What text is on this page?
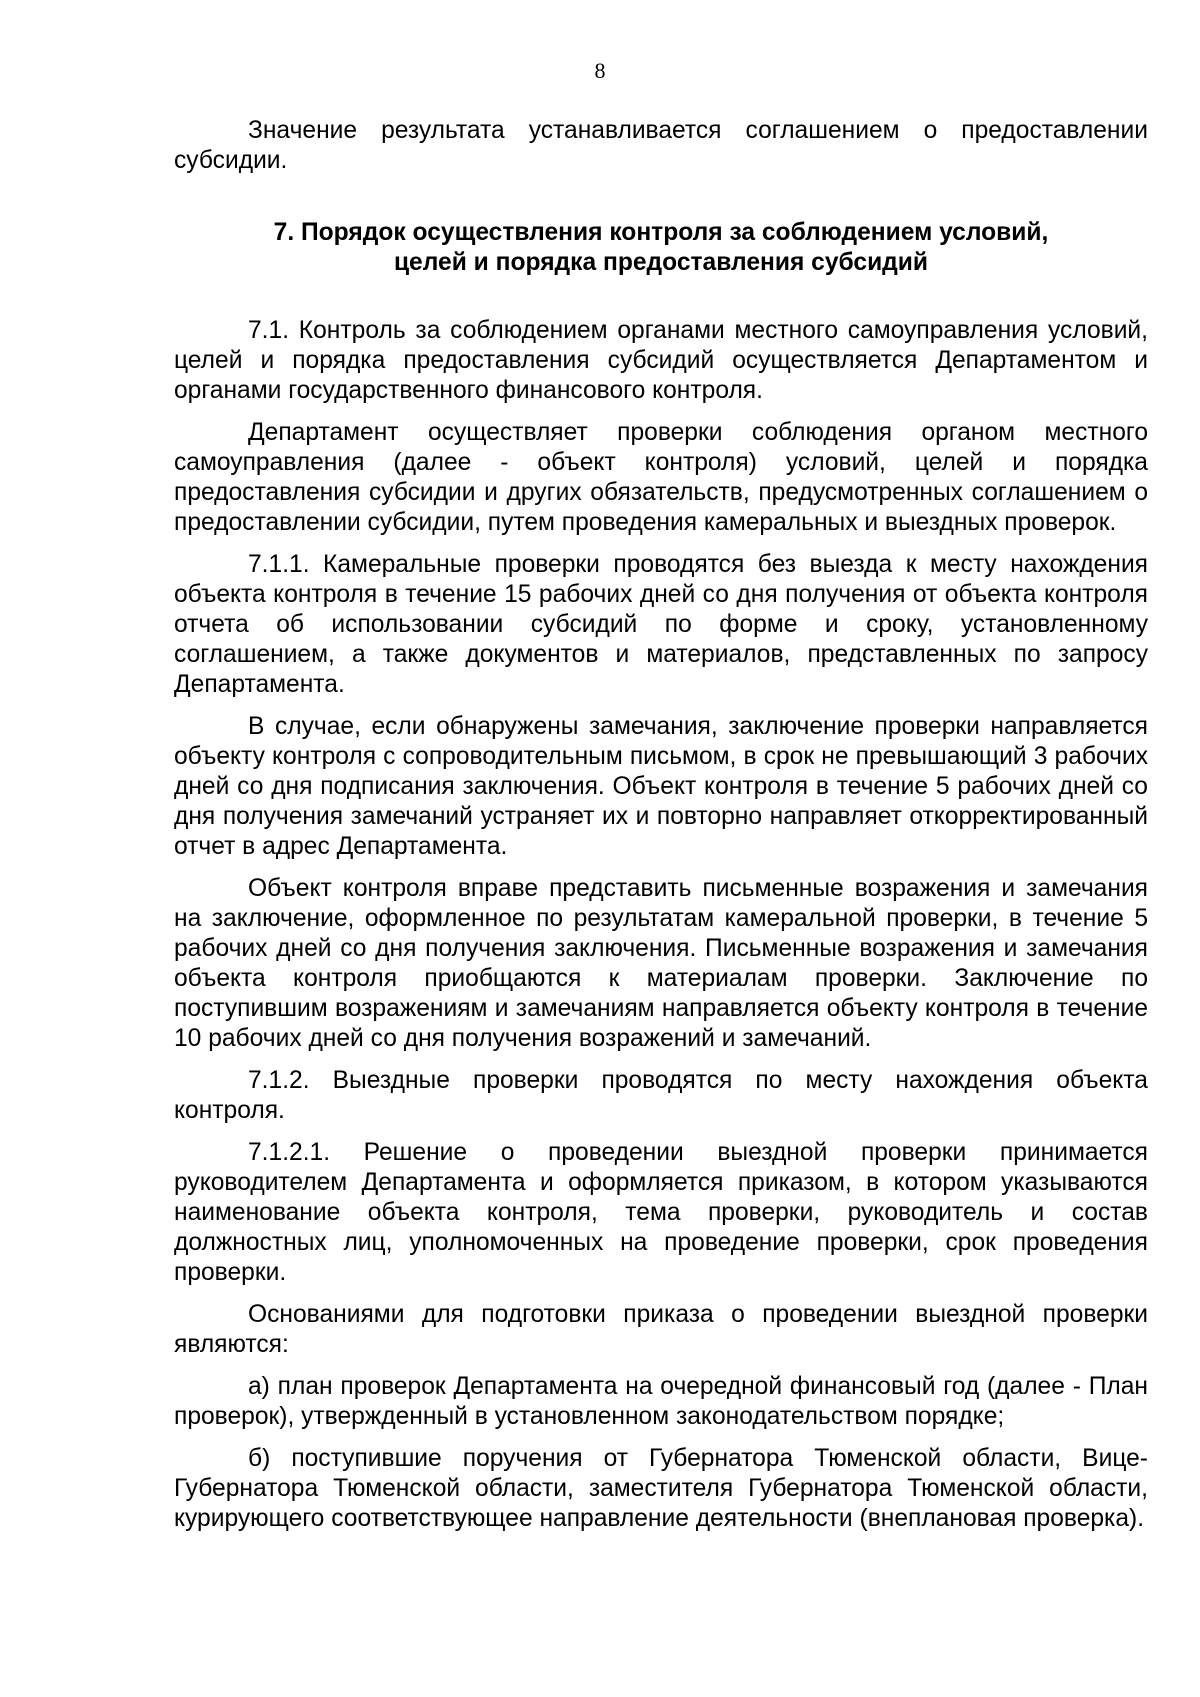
8

Значение результата устанавливается соглашением о предоставлении субсидии.

7. Порядок осуществления контроля за соблюдением условий,
целей и порядка предоставления субсидий

7.1. Контроль за соблюдением органами местного самоуправления условий, целей и порядка предоставления субсидий осуществляется Департаментом и органами государственного финансового контроля.

Департамент осуществляет проверки соблюдения органом местного самоуправления (далее - объект контроля) условий, целей и порядка предоставления субсидии и других обязательств, предусмотренных соглашением о предоставлении субсидии, путем проведения камеральных и выездных проверок.

7.1.1. Камеральные проверки проводятся без выезда к месту нахождения объекта контроля в течение 15 рабочих дней со дня получения от объекта контроля отчета об использовании субсидий по форме и сроку, установленному соглашением, а также документов и материалов, представленных по запросу Департамента.

В случае, если обнаружены замечания, заключение проверки направляется объекту контроля с сопроводительным письмом, в срок не превышающий 3 рабочих дней со дня подписания заключения. Объект контроля в течение 5 рабочих дней со дня получения замечаний устраняет их и повторно направляет откорректированный отчет в адрес Департамента.

Объект контроля вправе представить письменные возражения и замечания на заключение, оформленное по результатам камеральной проверки, в течение 5 рабочих дней со дня получения заключения. Письменные возражения и замечания объекта контроля приобщаются к материалам проверки. Заключение по поступившим возражениям и замечаниям направляется объекту контроля в течение 10 рабочих дней со дня получения возражений и замечаний.

7.1.2. Выездные проверки проводятся по месту нахождения объекта контроля.

7.1.2.1. Решение о проведении выездной проверки принимается руководителем Департамента и оформляется приказом, в котором указываются наименование объекта контроля, тема проверки, руководитель и состав должностных лиц, уполномоченных на проведение проверки, срок проведения проверки.

Основаниями для подготовки приказа о проведении выездной проверки являются:

а) план проверок Департамента на очередной финансовый год (далее - План проверок), утвержденный в установленном законодательством порядке;

б) поступившие поручения от Губернатора Тюменской области, Вице-Губернатора Тюменской области, заместителя Губернатора Тюменской области, курирующего соответствующее направление деятельности (внеплановая проверка).
